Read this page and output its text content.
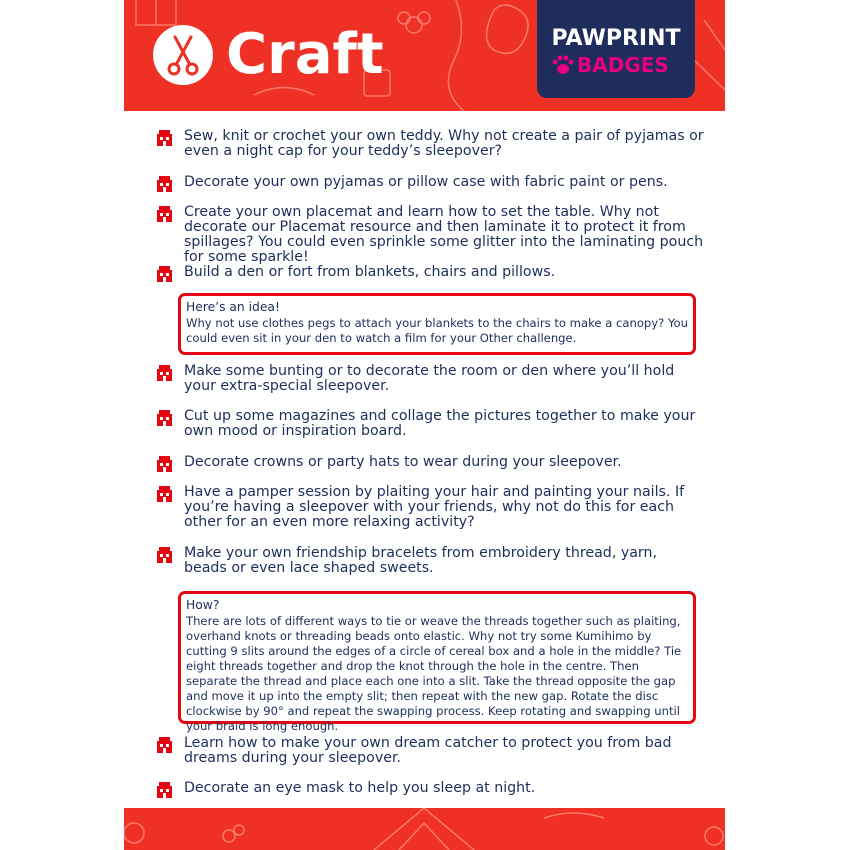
Craft	PAWPRINT
BADGES
Sew, knit or crochet your own teddy. Why not create a pair of pyjamas or even a night cap for your teddy’s sleepover?
Decorate your own pyjamas or pillow case with fabric paint or pens.
Create your own placemat and learn how to set the table. Why not decorate our Placemat resource and then laminate it to protect it from spillages? You could even sprinkle some glitter into the laminating pouch for some sparkle!
Build a den or fort from blankets, chairs and pillows.
Here’s an idea!
Why not use clothes pegs to attach your blankets to the chairs to make a canopy? You could even sit in your den to watch a film for your Other challenge.
Make some bunting or to decorate the room or den where you’ll hold your extra-special sleepover.
Cut up some magazines and collage the pictures together to make your own mood or inspiration board.
Decorate crowns or party hats to wear during your sleepover.
Have a pamper session by plaiting your hair and painting your nails. If you’re having a sleepover with your friends, why not do this for each other for an even more relaxing activity?
Make your own friendship bracelets from embroidery thread, yarn, beads or even lace shaped sweets.
How?
There are lots of different ways to tie or weave the threads together such as plaiting, overhand knots or threading beads onto elastic. Why not try some Kumihimo by cutting 9 slits around the edges of a circle of cereal box and a hole in the middle? Tie eight threads together and drop the knot through the hole in the centre. Then separate the thread and place each one into a slit. Take the thread opposite the gap and move it up into the empty slit; then repeat with the new gap. Rotate the disc clockwise by 90° and repeat the swapping process. Keep rotating and swapping until your braid is long enough.
Learn how to make your own dream catcher to protect you from bad dreams during your sleepover.
Decorate an eye mask to help you sleep at night.
